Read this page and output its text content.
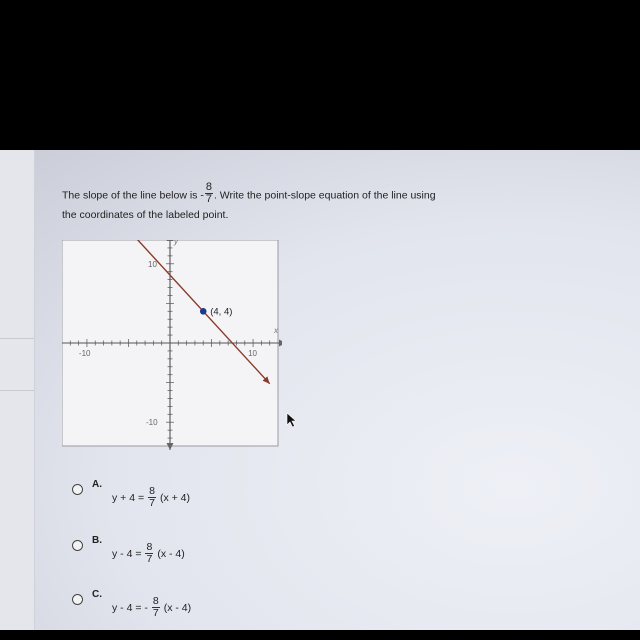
The slope of the line below is - $\frac{8}{7}$ . Write the point-slope equation of the line using
the coordinates of the labeled point.
x
y
10
-10
10
-10
(4, 4)
A.
$y + 4 = \frac{8}{7} (x + 4)$
B.
$y - 4 = \frac{8}{7} (x - 4)$
C.
y - 4 = - $\frac{8}{7} (x - 4)$
